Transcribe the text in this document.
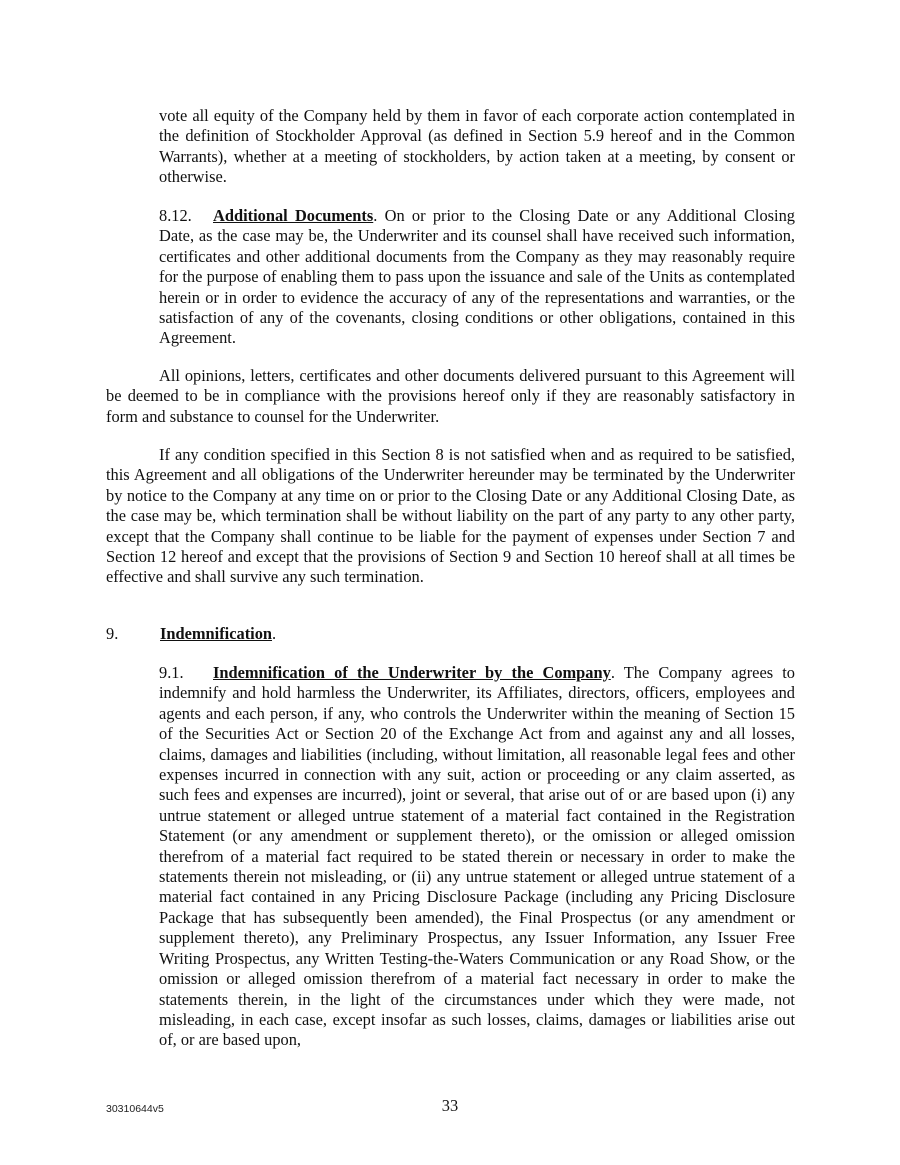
vote all equity of the Company held by them in favor of each corporate action contemplated in the definition of Stockholder Approval (as defined in Section 5.9 hereof and in the Common Warrants), whether at a meeting of stockholders, by action taken at a meeting, by consent or otherwise.

8.12. Additional Documents. On or prior to the Closing Date or any Additional Closing Date, as the case may be, the Underwriter and its counsel shall have received such information, certificates and other additional documents from the Company as they may reasonably require for the purpose of enabling them to pass upon the issuance and sale of the Units as contemplated herein or in order to evidence the accuracy of any of the representations and warranties, or the satisfaction of any of the covenants, closing conditions or other obligations, contained in this Agreement.

All opinions, letters, certificates and other documents delivered pursuant to this Agreement will be deemed to be in compliance with the provisions hereof only if they are reasonably satisfactory in form and substance to counsel for the Underwriter.

If any condition specified in this Section 8 is not satisfied when and as required to be satisfied, this Agreement and all obligations of the Underwriter hereunder may be terminated by the Underwriter by notice to the Company at any time on or prior to the Closing Date or any Additional Closing Date, as the case may be, which termination shall be without liability on the part of any party to any other party, except that the Company shall continue to be liable for the payment of expenses under Section 7 and Section 12 hereof and except that the provisions of Section 9 and Section 10 hereof shall at all times be effective and shall survive any such termination.

9.	Indemnification.

9.1. Indemnification of the Underwriter by the Company. The Company agrees to indemnify and hold harmless the Underwriter, its Affiliates, directors, officers, employees and agents and each person, if any, who controls the Underwriter within the meaning of Section 15 of the Securities Act or Section 20 of the Exchange Act from and against any and all losses, claims, damages and liabilities (including, without limitation, all reasonable legal fees and other expenses incurred in connection with any suit, action or proceeding or any claim asserted, as such fees and expenses are incurred), joint or several, that arise out of or are based upon (i) any untrue statement or alleged untrue statement of a material fact contained in the Registration Statement (or any amendment or supplement thereto), or the omission or alleged omission therefrom of a material fact required to be stated therein or necessary in order to make the statements therein not misleading, or (ii) any untrue statement or alleged untrue statement of a material fact contained in any Pricing Disclosure Package (including any Pricing Disclosure Package that has subsequently been amended), the Final Prospectus (or any amendment or supplement thereto), any Preliminary Prospectus, any Issuer Information, any Issuer Free Writing Prospectus, any Written Testing-the-Waters Communication or any Road Show, or the omission or alleged omission therefrom of a material fact necessary in order to make the statements therein, in the light of the circumstances under which they were made, not misleading, in each case, except insofar as such losses, claims, damages or liabilities arise out of, or are based upon,

30310644v5	33
